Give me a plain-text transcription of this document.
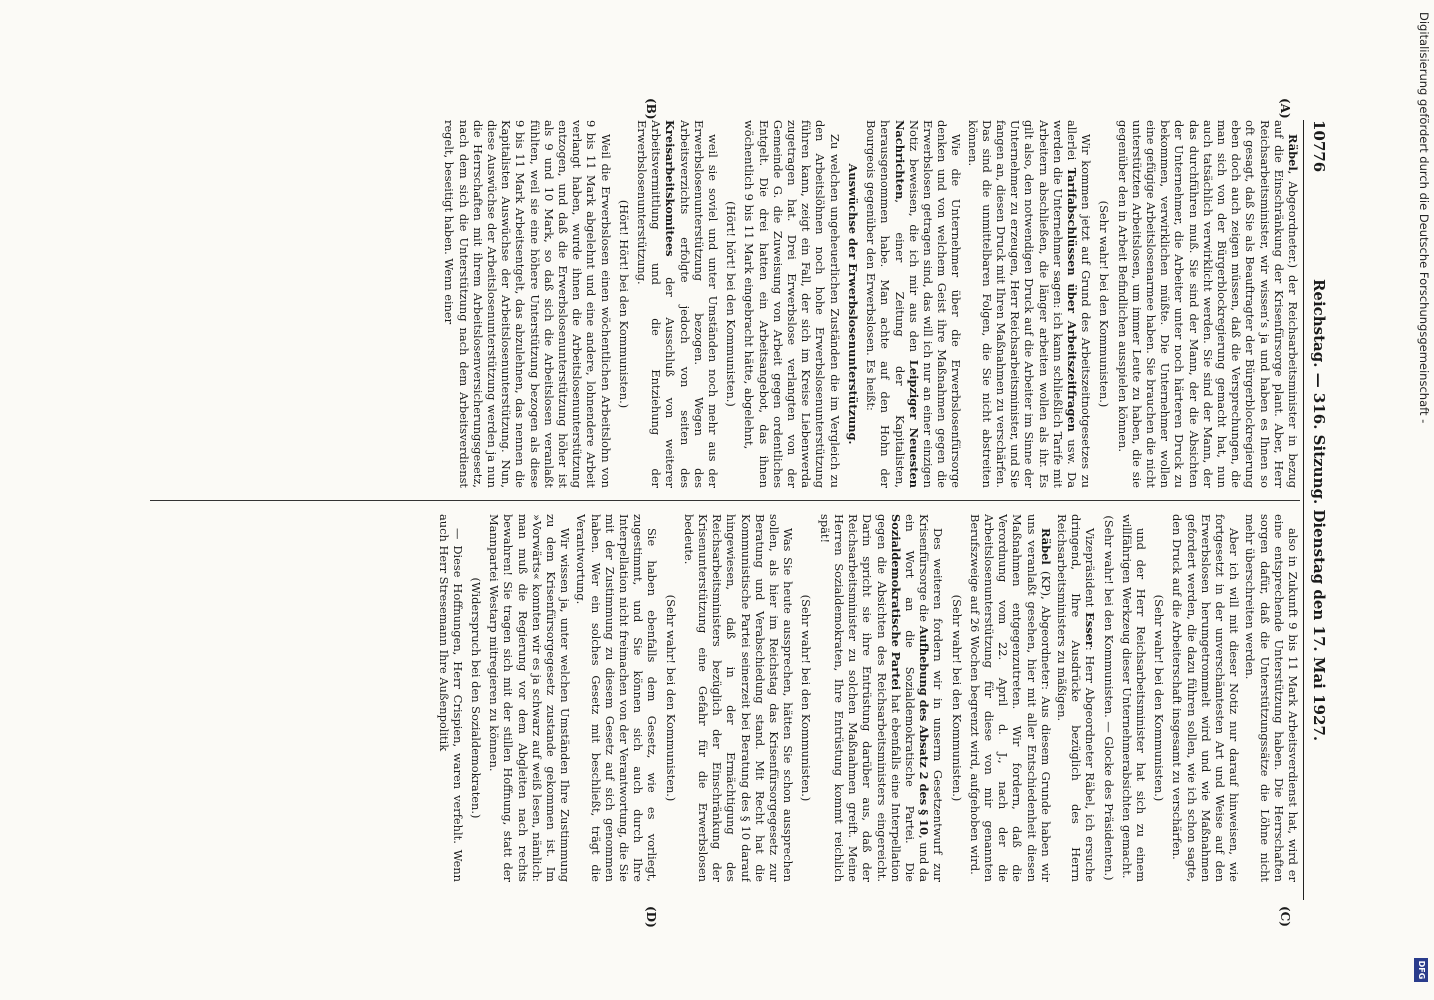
10776
Reichstag. — 316. Sitzung. Dienstag den 17. Mai 1927.
(A)
(B)
(C)
(D)

Räbel, Abgeordneter.) der Reichsarbeitsminister in bezug auf die Einschränkung der Krisenfürsorge plant. Aber, Herr Reichsarbeitsminister, wir wissen’s ja und haben es Ihnen so oft gesagt, daß Sie als Beauftragter der Bürgerblockregierung eben doch auch zeigen müssen, daß die Versprechungen, die man sich von der Bürgerblockregierung gemacht hat, nun auch tatsächlich verwirklicht werden. Sie sind der Mann, der das durchführen muß. Sie sind der Mann, der die Absichten der Unternehmer, die Arbeiter unter noch härteren Druck zu bekommen, verwirklichen müßte. Die Unternehmer wollen eine gefügige Arbeitslosenarmee haben. Sie brauchen die nicht unterstützten Arbeitslosen, um immer Leute zu haben, die sie gegenüber den in Arbeit Befindlichen ausspielen können.

(Sehr wahr! bei den Kommunisten.)

Wir kommen jetzt auf Grund des Arbeitszeitnotgesetzes zu allerlei Tarifabschlüssen über Arbeitszeitfragen usw. Da werden die Unternehmer sagen: ich kann schließlich Tarife mit Arbeitern abschließen, die länger arbeiten wollen als ihr. Es gilt also, den notwendigen Druck auf die Arbeiter im Sinne der Unternehmer zu erzeugen, Herr Reichsarbeitsminister, und Sie fangen an, diesen Druck mit Ihren Maßnahmen zu verschärfen. Das sind die unmittelbaren Folgen, die Sie nicht abstreiten können.

Wie die Unternehmer über die Erwerbslosenfürsorge denken und von welchem Geist ihre Maßnahmen gegen die Erwerbslosen getragen sind, das will ich nur an einer einzigen Notiz beweisen, die ich mir aus den Leipziger Neuesten Nachrichten, einer Zeitung der Kapitalisten, herausgenommen habe. Man achte auf den Hohn der Bourgeois gegenüber den Erwerbslosen. Es heißt:

Auswüchse der Erwerbslosenunterstützung.

Zu welchen ungeheuerlichen Zuständen die im Vergleich zu den Arbeitslöhnen noch hohe Erwerbslosenunterstützung führen kann, zeigt ein Fall, der sich im Kreise Liebenwerda zugetragen hat. Drei Erwerbslose verlangten von der Gemeinde G. die Zuweisung von Arbeit gegen ordentliches Entgelt. Die drei hatten ein Arbeitsangebot, das ihnen wöchentlich 9 bis 11 Mark eingebracht hätte, abgelehnt,

(Hört! hört! bei den Kommunisten.)

weil sie soviel und unter Umständen noch mehr aus der Erwerbslosenunterstützung bezogen. Wegen des Arbeitsverzichts erfolgte jedoch von seiten des Kreisarbeitskomitees der Ausschluß von weiterer Arbeitsvermittlung und die Entziehung der Erwerbslosenunterstützung.

(Hört! Hört! bei den Kommunisten.)

Weil die Erwerbslosen einen wöchentlichen Arbeitslohn von 9 bis 11 Mark abgelehnt und eine andere, lohnendere Arbeit verlangt haben, wurde ihnen die Arbeitslosenunterstützung entzogen, und daß die Erwerbslosenunterstützung höher ist als 9 und 10 Mark, so daß sich die Arbeitslosen veranlaßt fühlten, weil sie eine höhere Unterstützung bezogen als diese 9 bis 11 Mark Arbeitsentgelt, das abzulehnen, das nennen die Kapitalisten Auswüchse der Arbeitslosenunterstützung. Nun, diese Auswüchse der Arbeitslosenunterstützung werden ja nun die Herrschaften mit ihrem Arbeitslosenversicherungsgesetz, nach dem sich die Unterstützung nach dem Arbeitsverdienst regelt, beseitigt haben. Wenn einer

also in Zukunft 9 bis 11 Mark Arbeitsverdienst hat, wird er eine entsprechende Unterstützung haben. Die Herrschaften sorgen dafür, daß die Unterstützungssätze die Löhne nicht mehr überschreiten werden.

Aber ich will mit dieser Notiz nur darauf hinweisen, wie fortgesetzt in der unverschämtesten Art und Weise auf den Erwerbslosen herumgetrommelt wird und wie Maßnahmen gefordert werden, die dazu führen sollen, wie ich schon sagte, den Druck auf die Arbeiterschaft insgesamt zu verschärfen.

(Sehr wahr! bei den Kommunisten.)

und der Herr Reichsarbeitsminister hat sich zu einem willfährigen Werkzeug dieser Unternehmerabsichten gemacht.

(Sehr wahr! bei den Kommunisten. — Glocke des Präsidenten.)

Vizepräsident Esser: Herr Abgeordneter Räbel, ich ersuche dringend, Ihre Ausdrücke bezüglich des Herrn Reichsarbeitsministers zu mäßigen.

Räbel (KP), Abgeordneter: Aus diesem Grunde haben wir uns veranlaßt gesehen, hier mit aller Entschiedenheit diesen Maßnahmen entgegenzutreten. Wir fordern, daß die Verordnung vom 22. April d. J., nach der die Arbeitslosenunterstützung für diese von mir genannten Berufszweige auf 26 Wochen begrenzt wird, aufgehoben wird.

(Sehr wahr! bei den Kommunisten.)

Des weiteren fordern wir in unserm Gesetzentwurf zur Krisenfürsorge die Aufhebung des Absatz 2 des § 10, und da ein Wort an die Sozialdemokratische Partei. Die Sozialdemokratische Partei hat ebenfalls eine Interpellation gegen die Absichten des Reichsarbeitsministers eingereicht. Darin spricht sie ihre Entrüstung darüber aus, daß der Reichsarbeitsminister zu solchen Maßnahmen greift. Meine Herren Sozialdemokraten, Ihre Entrüstung kommt reichlich spät!

(Sehr wahr! bei den Kommunisten.)

Was Sie heute aussprechen, hätten Sie schon aussprechen sollen, als hier im Reichstag das Krisenfürsorgegesetz zur Beratung und Verabschiedung stand. Mit Recht hat die Kommunistische Partei seinerzeit bei Beratung des § 10 darauf hingewiesen, daß in der Ermächtigung des Reichsarbeitsministers bezüglich der Einschränkung der Krisenunterstützung eine Gefahr für die Erwerbslosen bedeute.

(Sehr wahr! bei den Kommunisten.)

Sie haben ebenfalls dem Gesetz, wie es vorliegt, zugestimmt, und Sie können sich auch durch Ihre Interpellation nicht freimachen von der Verantwortung, die Sie mit der Zustimmung zu diesem Gesetz auf sich genommen haben. Wer ein solches Gesetz mit beschließt, trägt die Verantwortung.

Wir wissen ja, unter welchen Umständen Ihre Zustimmung zu dem Krisenfürsorgegesetz zustande gekommen ist. Im »Vorwärts« konnten wir es ja schwarz auf weiß lesen, nämlich: man muß die Regierung vor dem Abgleiten nach rechts bewahren! Sie tragen sich mit der stillen Hoffnung, statt der Mannpartei Westarp mitregieren zu können.

(Widerspruch bei den Sozialdemokraten.)

— Diese Hoffnungen, Herr Crispien, waren verfehlt. Wenn auch Herr Stresemann Ihre Außenpolitik

Digitalisierung gefördert durch die Deutsche Forschungsgemeinschaft -
DFG
